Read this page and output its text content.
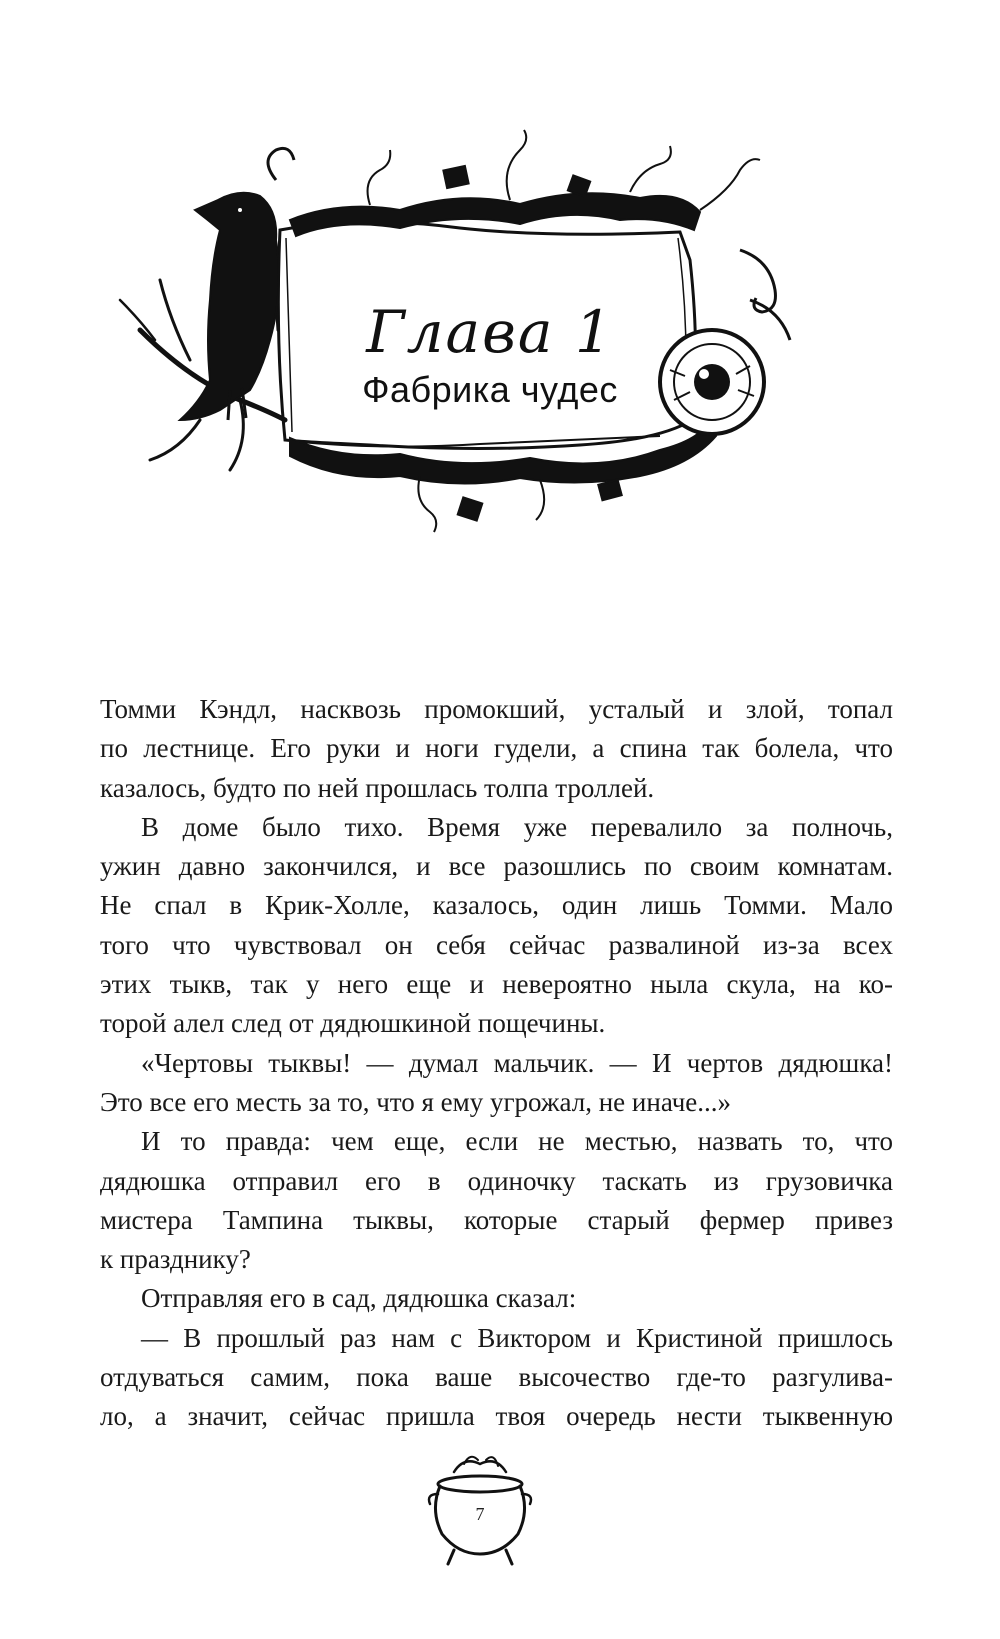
Глава 1
Фабрика чудес
Томми Кэндл, насквозь промокший, усталый и злой, топал
по лестнице. Его руки и ноги гудели, а спина так болела, что
казалось, будто по ней прошлась толпа троллей.
В доме было тихо. Время уже перевалило за полночь,
ужин давно закончился, и все разошлись по своим комнатам.
Не спал в Крик-Холле, казалось, один лишь Томми. Мало
того что чувствовал он себя сейчас развалиной из-за всех
этих тыкв, так у него еще и невероятно ныла скула, на ко-
торой алел след от дядюшкиной пощечины.
«Чертовы тыквы! — думал мальчик. — И чертов дядюшка!
Это все его месть за то, что я ему угрожал, не иначе...»
И то правда: чем еще, если не местью, назвать то, что
дядюшка отправил его в одиночку таскать из грузовичка
мистера Тампина тыквы, которые старый фермер привез
к празднику?
Отправляя его в сад, дядюшка сказал:
— В прошлый раз нам с Виктором и Кристиной пришлось
отдуваться самим, пока ваше высочество где-то разгулива-
ло, а значит, сейчас пришла твоя очередь нести тыквенную
7
